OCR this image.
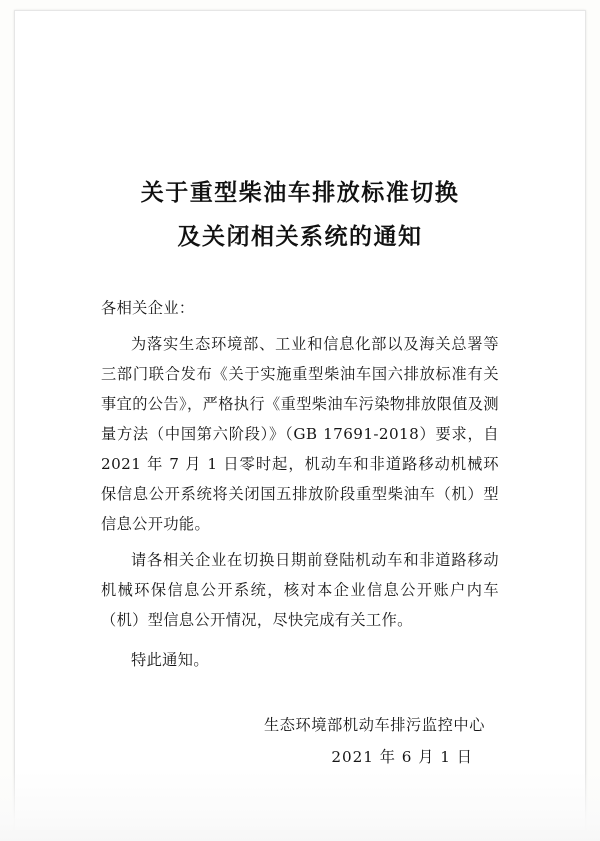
关于重型柴油车排放标准切换
及关闭相关系统的通知

各相关企业：

为落实生态环境部、工业和信息化部以及海关总署等三部门联合发布《关于实施重型柴油车国六排放标准有关事宜的公告》，严格执行《重型柴油车污染物排放限值及测量方法（中国第六阶段）》（GB 17691-2018）要求，自 2021 年 7 月 1 日零时起，机动车和非道路移动机械环保信息公开系统将关闭国五排放阶段重型柴油车（机）型信息公开功能。

请各相关企业在切换日期前登陆机动车和非道路移动机械环保信息公开系统，核对本企业信息公开账户内车（机）型信息公开情况，尽快完成有关工作。

特此通知。

生态环境部机动车排污监控中心
2021 年 6 月 1 日
